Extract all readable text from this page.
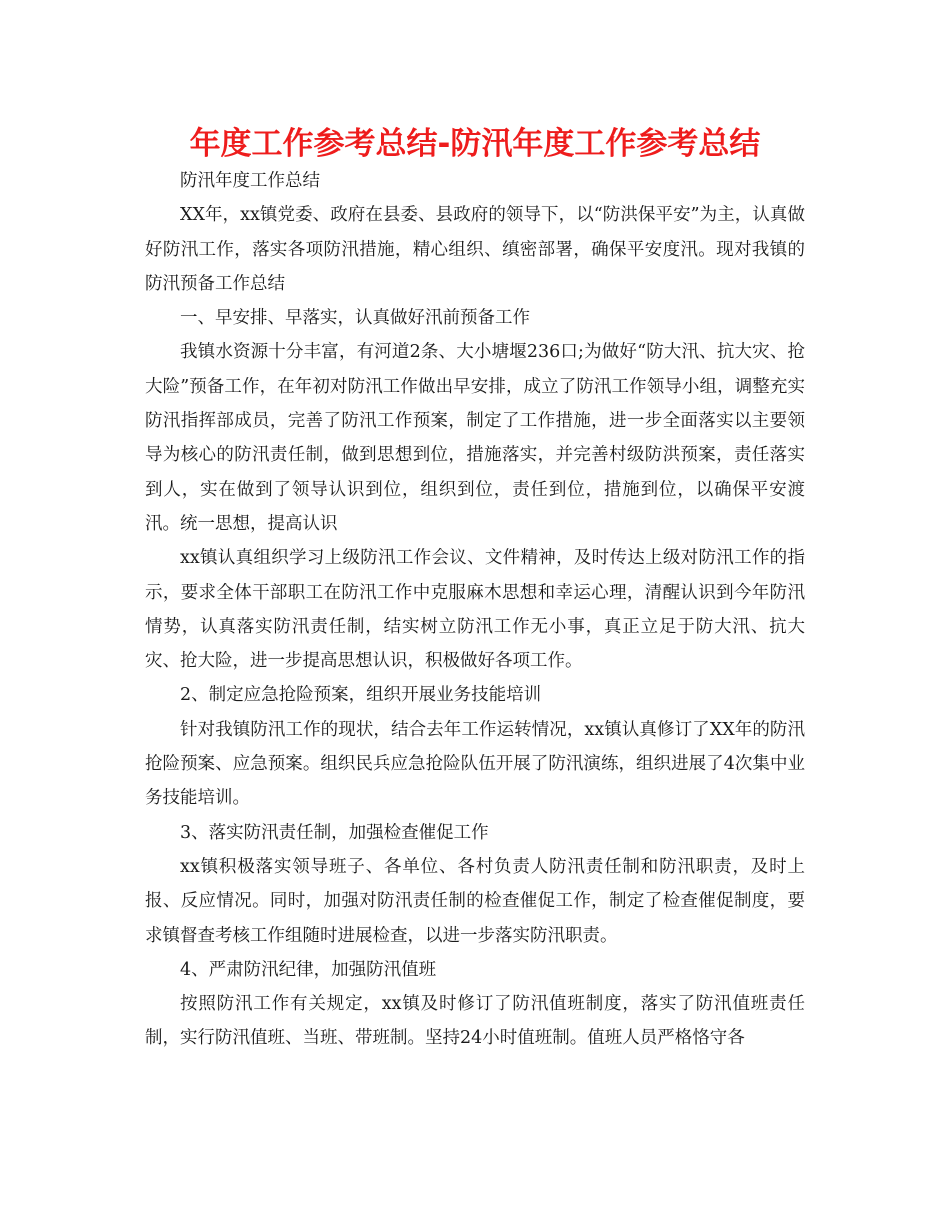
年度工作参考总结-防汛年度工作参考总结

防汛年度工作总结

XX年，xx镇党委、政府在县委、县政府的领导下，以“防洪保平安”为主，认真做好防汛工作，落实各项防汛措施，精心组织、缜密部署，确保平安度汛。现对我镇的防汛预备工作总结

一、早安排、早落实，认真做好汛前预备工作

我镇水资源十分丰富，有河道2条、大小塘堰236口;为做好“防大汛、抗大灾、抢大险”预备工作，在年初对防汛工作做出早安排，成立了防汛工作领导小组，调整充实防汛指挥部成员，完善了防汛工作预案，制定了工作措施，进一步全面落实以主要领导为核心的防汛责任制，做到思想到位，措施落实，并完善村级防洪预案，责任落实到人，实在做到了领导认识到位，组织到位，责任到位，措施到位，以确保平安渡汛。统一思想，提高认识

xx镇认真组织学习上级防汛工作会议、文件精神，及时传达上级对防汛工作的指示，要求全体干部职工在防汛工作中克服麻木思想和幸运心理，清醒认识到今年防汛情势，认真落实防汛责任制，结实树立防汛工作无小事，真正立足于防大汛、抗大灾、抢大险，进一步提高思想认识，积极做好各项工作。

2、制定应急抢险预案，组织开展业务技能培训

针对我镇防汛工作的现状，结合去年工作运转情况，xx镇认真修订了XX年的防汛抢险预案、应急预案。组织民兵应急抢险队伍开展了防汛演练，组织进展了4次集中业务技能培训。

3、落实防汛责任制，加强检查催促工作

xx镇积极落实领导班子、各单位、各村负责人防汛责任制和防汛职责，及时上报、反应情况。同时，加强对防汛责任制的检查催促工作，制定了检查催促制度，要求镇督查考核工作组随时进展检查，以进一步落实防汛职责。

4、严肃防汛纪律，加强防汛值班

按照防汛工作有关规定，xx镇及时修订了防汛值班制度，落实了防汛值班责任制，实行防汛值班、当班、带班制。坚持24小时值班制。值班人员严格恪守各
